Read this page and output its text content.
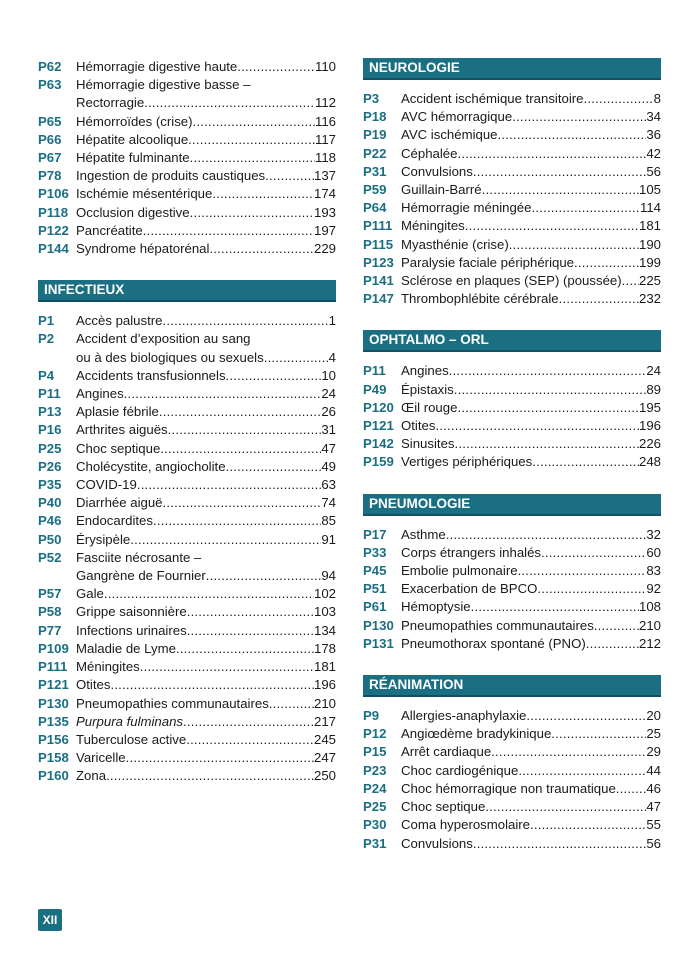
P62	Hémorragie digestive haute .....	110
P63	Hémorragie digestive basse –
Rectorragie .....	112
P65	Hémorroïdes (crise) .....	116
P66	Hépatite alcoolique .....	117
P67	Hépatite fulminante .....	118
P78	Ingestion de produits caustiques .....	137
P106 Ischémie mésentérique .....	174
P118 Occlusion digestive .....	193
P122 Pancréatite .....	197
P144 Syndrome hépatorénal .....	229
INFECTIEUX
P1	Accès palustre .....	1
P2	Accident d’exposition au sang
ou à des biologiques ou sexuels .....	4
P4	Accidents transfusionnels .....	10
P11	Angines .....	24
P13	Aplasie fébrile .....	26
P16	Arthrites aiguës .....	31
P25	Choc septique .....	47
P26	Cholécystite, angiocholite .....	49
P35	COVID-19 .....	63
P40	Diarrhée aiguë .....	74
P46	Endocardites .....	85
P50	Érysipèle .....	91
P52	Fasciite nécrosante –
Gangrène de Fournier .....	94
P57	Gale .....	102
P58	Grippe saisonnière .....	103
P77	Infections urinaires .....	134
P109 Maladie de Lyme .....	178
P111 Méningites .....	181
P121 Otites .....	196
P130 Pneumopathies communautaires .....	210
P135 Purpura fulminans .....	217
P156 Tuberculose active .....	245
P158 Varicelle .....	247
P160 Zona .....	250
NEUROLOGIE
P3	Accident ischémique transitoire .....	8
P18	AVC hémorragique .....	34
P19	AVC ischémique .....	36
P22	Céphalée .....	42
P31	Convulsions .....	56
P59	Guillain-Barré .....	105
P64	Hémorragie méningée .....	114
P111 Méningites .....	181
P115 Myasthénie (crise) .....	190
P123 Paralysie faciale périphérique .....	199
P141 Sclérose en plaques (SEP) (poussée) ..... 225
P147 Thrombophlébite cérébrale .....	232
OPHTALMO – ORL
P11	Angines .....	24
P49	Épistaxis .....	89
P120 Œil rouge .....	195
P121 Otites .....	196
P142 Sinusites .....	226
P159 Vertiges périphériques .....	248
PNEUMOLOGIE
P17	Asthme .....	32
P33	Corps étrangers inhalés .....	60
P45	Embolie pulmonaire .....	83
P51	Exacerbation de BPCO .....	92
P61	Hémoptysie .....	108
P130 Pneumopathies communautaires .....	210
P131 Pneumothorax spontané (PNO) .....	212
RÉANIMATION
P9	Allergies-anaphylaxie .....	20
P12	Angiœdème bradykinique .....	25
P15	Arrêt cardiaque .....	29
P23	Choc cardiogénique .....	44
P24	Choc hémorragique non traumatique ..... 46
P25	Choc septique .....	47
P30	Coma hyperosmolaire .....	55
P31	Convulsions .....	56
XII
